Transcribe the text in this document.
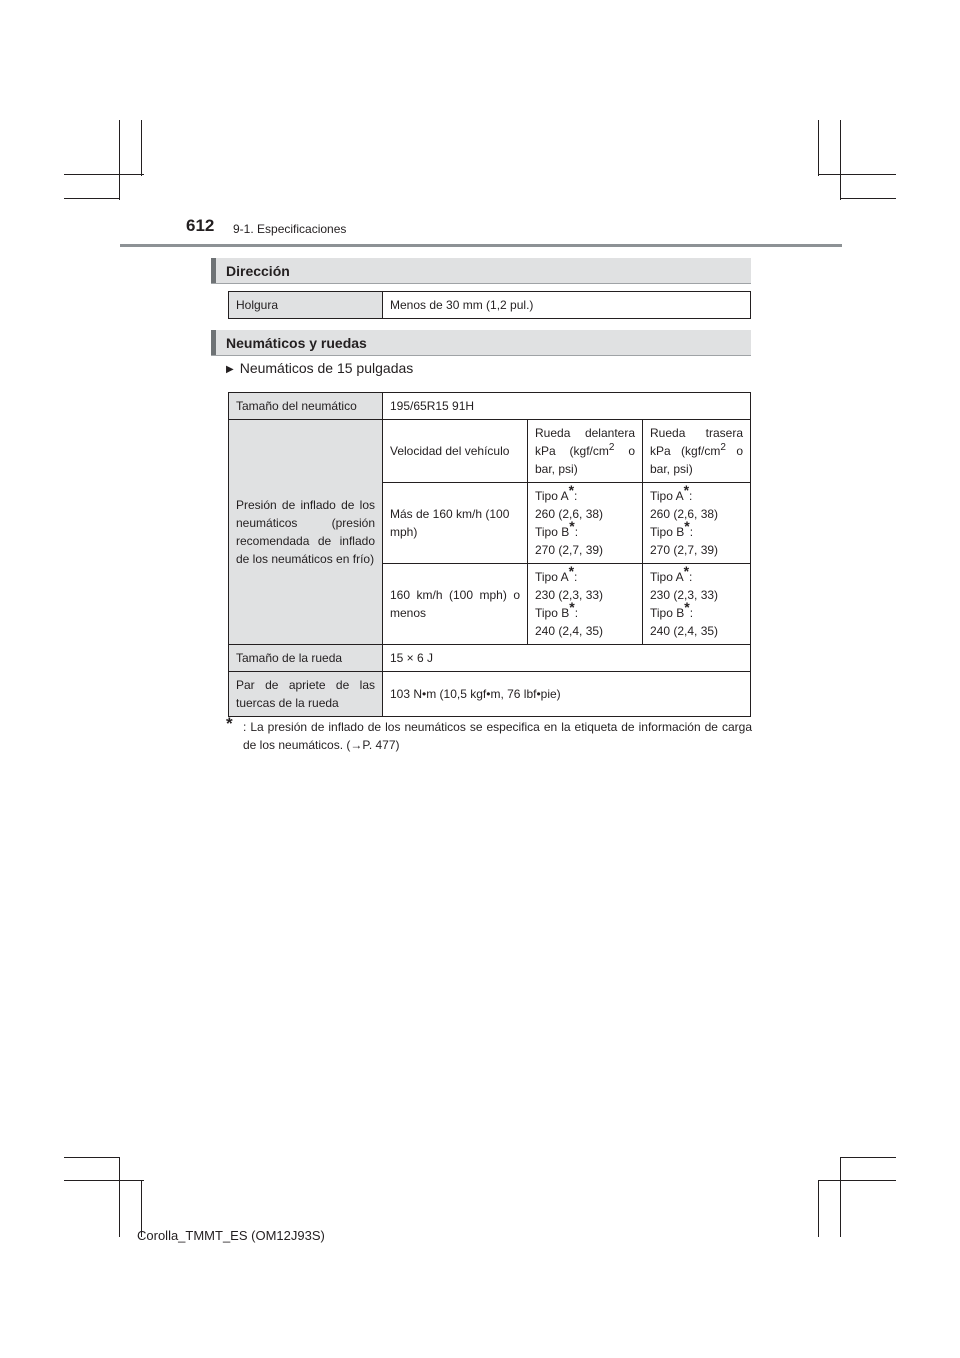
612 9-1. Especificaciones
Dirección
Holgura	Menos de 30 mm (1,2 pul.)
Neumáticos y ruedas
▶ Neumáticos de 15 pulgadas
Tamaño del neumático	195/65R15 91H		
Presión de inflado de los neumáticos (presión recomendada de inflado de los neumáticos en frío)	Velocidad del vehículo	Rueda delantera kPa ($kgf/cm^2$ o bar, psi)	Rueda trasera kPa ($kgf/cm^2$ o bar, psi)
	Más de 160 km/h (100 mph)	Tipo A*:
260 (2,6, 38)
Tipo B*:
270 (2,7, 39)	Tipo A*:
260 (2,6, 38)
Tipo B*:
270 (2,7, 39)
	160 km/h (100 mph) o menos	Tipo A*:
230 (2,3, 33)
Tipo B*:
240 (2,4, 35)	Tipo A*:
230 (2,3, 33)
Tipo B*:
240 (2,4, 35)
Tamaño de la rueda	15 × 6 J		
Par de apriete de las tuercas de la rueda	103 N•m (10,5 kgf•m, 76 lbf•pie)		
* : La presión de inflado de los neumáticos se especifica en la etiqueta de información de carga de los neumáticos. (→P. 477)
Corolla_TMMT_ES (OM12J93S)
